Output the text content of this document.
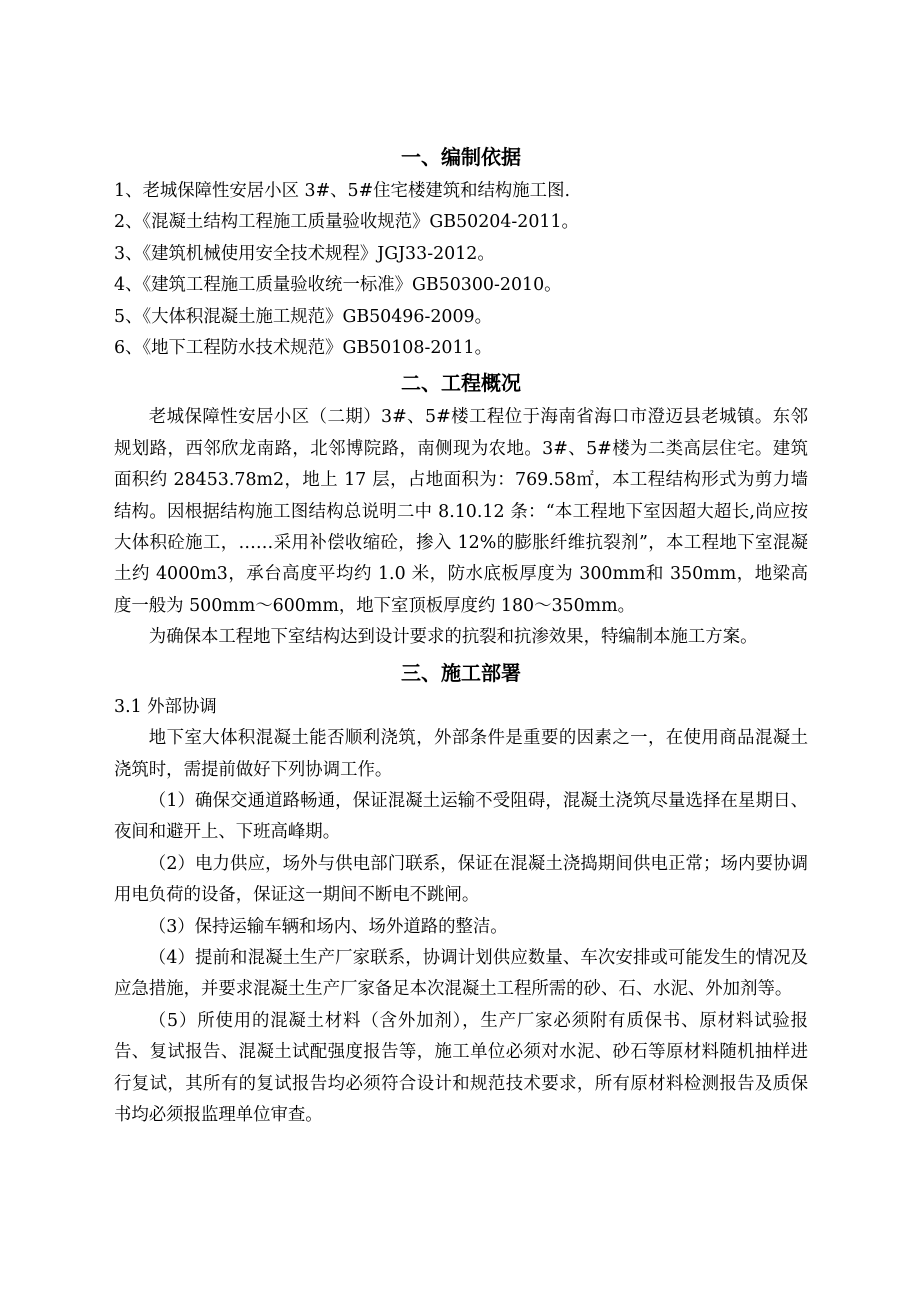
一、编制依据

1、老城保障性安居小区 3#、5#住宅楼建筑和结构施工图.

2、《混凝土结构工程施工质量验收规范》GB50204-2011。

3、《建筑机械使用安全技术规程》JGJ33-2012。

4、《建筑工程施工质量验收统一标准》GB50300-2010。

5、《大体积混凝土施工规范》GB50496-2009。

6、《地下工程防水技术规范》GB50108-2011。

二、工程概况

老城保障性安居小区（二期）3#、5#楼工程位于海南省海口市澄迈县老城镇。东邻规划路，西邻欣龙南路，北邻博院路，南侧现为农地。3#、5#楼为二类高层住宅。建筑面积约 28453.78m2，地上 17 层，占地面积为：769.58㎡，本工程结构形式为剪力墙结构。因根据结构施工图结构总说明二中 8.10.12 条：“本工程地下室因超大超长,尚应按大体积砼施工，……采用补偿收缩砼，掺入 12%的膨胀纤维抗裂剂”，本工程地下室混凝土约 4000m3，承台高度平均约 1.0 米，防水底板厚度为 300mm和 350mm，地梁高度一般为 500mm～600mm，地下室顶板厚度约 180～350mm。

为确保本工程地下室结构达到设计要求的抗裂和抗渗效果，特编制本施工方案。

三、施工部署

3.1 外部协调

地下室大体积混凝土能否顺利浇筑，外部条件是重要的因素之一，在使用商品混凝土浇筑时，需提前做好下列协调工作。

（1）确保交通道路畅通，保证混凝土运输不受阻碍，混凝土浇筑尽量选择在星期日、夜间和避开上、下班高峰期。

（2）电力供应，场外与供电部门联系，保证在混凝土浇捣期间供电正常；场内要协调用电负荷的设备，保证这一期间不断电不跳闸。

（3）保持运输车辆和场内、场外道路的整洁。

（4）提前和混凝土生产厂家联系，协调计划供应数量、车次安排或可能发生的情况及应急措施，并要求混凝土生产厂家备足本次混凝土工程所需的砂、石、水泥、外加剂等。

（5）所使用的混凝土材料（含外加剂），生产厂家必须附有质保书、原材料试验报告、复试报告、混凝土试配强度报告等，施工单位必须对水泥、砂石等原材料随机抽样进行复试，其所有的复试报告均必须符合设计和规范技术要求，所有原材料检测报告及质保书均必须报监理单位审查。
